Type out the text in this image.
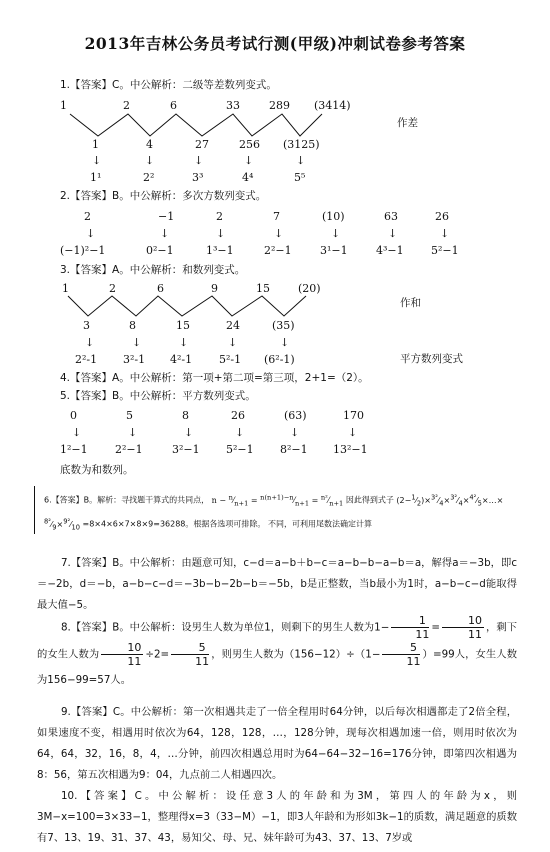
2013年吉林公务员考试行测(甲级)冲刺试卷参考答案
1.【答案】C。中公解析：二级等差数列变式。
1	2	6	33	289 (3414)
1	4	27	256 (3125)
作差
↓	↓	↓	↓	↓
1¹	2²	3³	4⁴	5⁵
2.【答案】B。中公解析：多次方数列变式。
2	−1	2	7	(10)	63	26
↓	↓	↓	↓	↓	↓	↓
(−1)²−1	0²−1	1³−1	2²−1	3¹−1	4³−1 5²−1
3.【答案】A。中公解析：和数列变式。
1	2	6	9	15	(20)
作和
3	8	15	24	(35)
↓	↓	↓	↓	↓
2²-1 3²-1 4²-1 5²-1 (6²-1)	平方数列变式
4.【答案】A。中公解析：第一项+第二项=第三项，2+1=（2）。
5.【答案】B。中公解析：平方数列变式。
0	5	8	26	(63)	170
↓	↓	↓	↓	↓	↓
1²−1 2²−1	3²−1 5²−1 8²−1 13²−1
底数为和数列。
6.【答案】B。解析：寻找题干算式的共同点， $n - ^n⁄_{n+1}$ = $^{n(n+1)-n}⁄_{n+1}$ = $^{n^2}⁄_{n+1}$ 因此得到式子 $(2-^1⁄_2)\times^{3^2}⁄_4\times^{3^2}⁄_4\times^{4^2}⁄_5\times\dots\times$
$^{8^2}⁄_9\times^{9^2}⁄_{10} =8\times 4\times 6\times 7\times 8\times 9=36288$。根据各选项可排除。 不同，可利用尾数法确定计算
7.【答案】B。中公解析：由题意可知，c−d＝a−b＋b−c＝a−b−b−a−b＝a，解得a＝−3b，即c＝−2b，d＝−b，a−b−c−d＝−3b−b−2b−b＝−5b，b是正整数，当b最小为1时，a−b−c−d能取得最大值−5。
8.【答案】B。中公解析：设男生人数为单位1，则剩下的男生人数为$1- \frac{1}{11} = \frac{10}{11}$ ，剩下的女生人数为 $\frac{10}{11} \div 2= \frac{5}{11}$ ，则男生人数为$(156-12)\div(1- \frac{5}{11} )=99$人，女生人数为156−99=57人。
9.【答案】C。中公解析：第一次相遇共走了一倍全程用时64分钟，以后每次相遇都走了2倍全程，如果速度不变，相遇用时依次为64，128，128，…，128分钟，现每次相遇加速一倍，则用时依次为64，64，32，16，8，4，…分钟，前四次相遇总用时为64−64−32−16=176分钟，即第四次相遇为8：56，第五次相遇为9：04，九点前二人相遇四次。
10.【答案】C。中公解析：设任意3人的年龄和为3M，第四人的年龄为x，则3M−x=100=3×33−1，整理得x=3（33−M）−1，即3人年龄和为形如3k−1的质数，满足题意的质数有7、13、19、31、37、43，易知父、母、兄、妹年龄可为43、37、13、7岁或
